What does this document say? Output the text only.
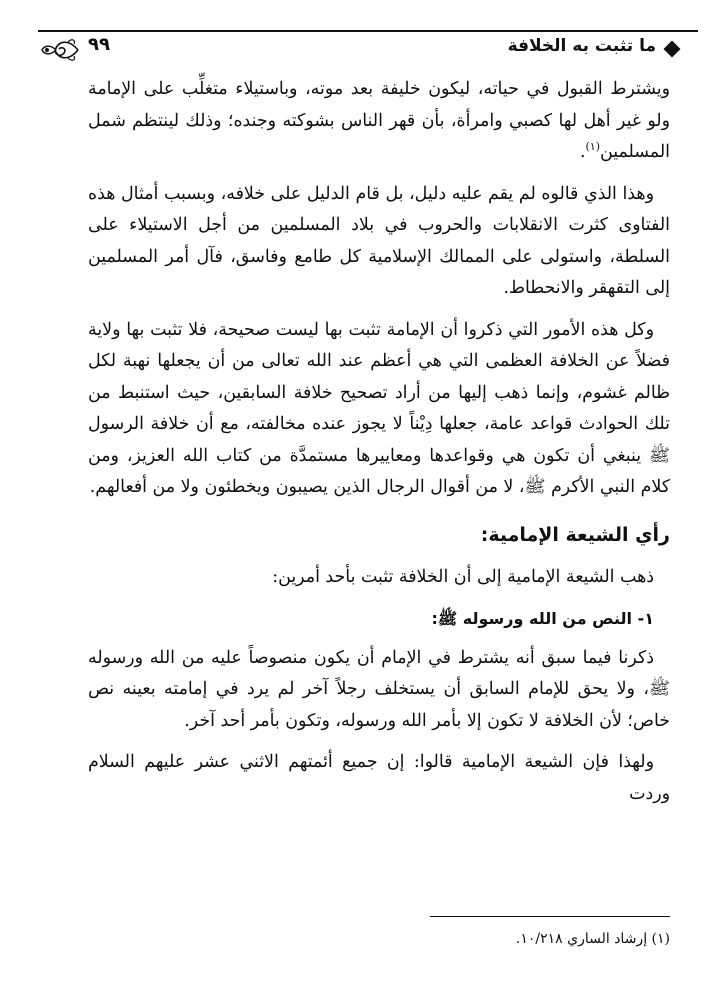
٩٩	ما تثبت به الخلافة

ويشترط القبول في حياته، ليكون خليفة بعد موته، وباستيلاء متغلِّب على الإمامة ولو غير أهل لها كصبي وامرأة، بأن قهر الناس بشوكته وجنده؛ وذلك لينتظم شمل المسلمين$^{(١)}$.

وهذا الذي قالوه لم يقم عليه دليل، بل قام الدليل على خلافه، وبسبب أمثال هذه الفتاوى كثرت الانقلابات والحروب في بلاد المسلمين من أجل الاستيلاء على السلطة، واستولى على الممالك الإسلامية كل طامع وفاسق، فآل أمر المسلمين إلى التقهقر والانحطاط.

وكل هذه الأمور التي ذكروا أن الإمامة تثبت بها ليست صحيحة، فلا تثبت بها ولاية فضلاً عن الخلافة العظمى التي هي أعظم عند الله تعالى من أن يجعلها نهبة لكل ظالم غشوم، وإنما ذهب إليها من أراد تصحيح خلافة السابقين، حيث استنبط من تلك الحوادث قواعد عامة، جعلها دِيْناً لا يجوز عنده مخالفته، مع أن خلافة الرسول ﷺ ينبغي أن تكون هي وقواعدها ومعاييرها مستمدَّة من كتاب الله العزيز، ومن كلام النبي الأكرم ﷺ، لا من أقوال الرجال الذين يصيبون ويخطئون ولا من أفعالهم.

رأي الشيعة الإمامية:

ذهب الشيعة الإمامية إلى أن الخلافة تثبت بأحد أمرين:

١- النص من الله ورسوله ﷺ:

ذكرنا فيما سبق أنه يشترط في الإمام أن يكون منصوصاً عليه من الله ورسوله ﷺ، ولا يحق للإمام السابق أن يستخلف رجلاً آخر لم يرد في إمامته بعينه نص خاص؛ لأن الخلافة لا تكون إلا بأمر الله ورسوله، وتكون بأمر أحد آخر.

ولهذا فإن الشيعة الإمامية قالوا: إن جميع أئمتهم الاثني عشر عليهم السلام وردت

(١) إرشاد الساري ١٠/٢١٨.
